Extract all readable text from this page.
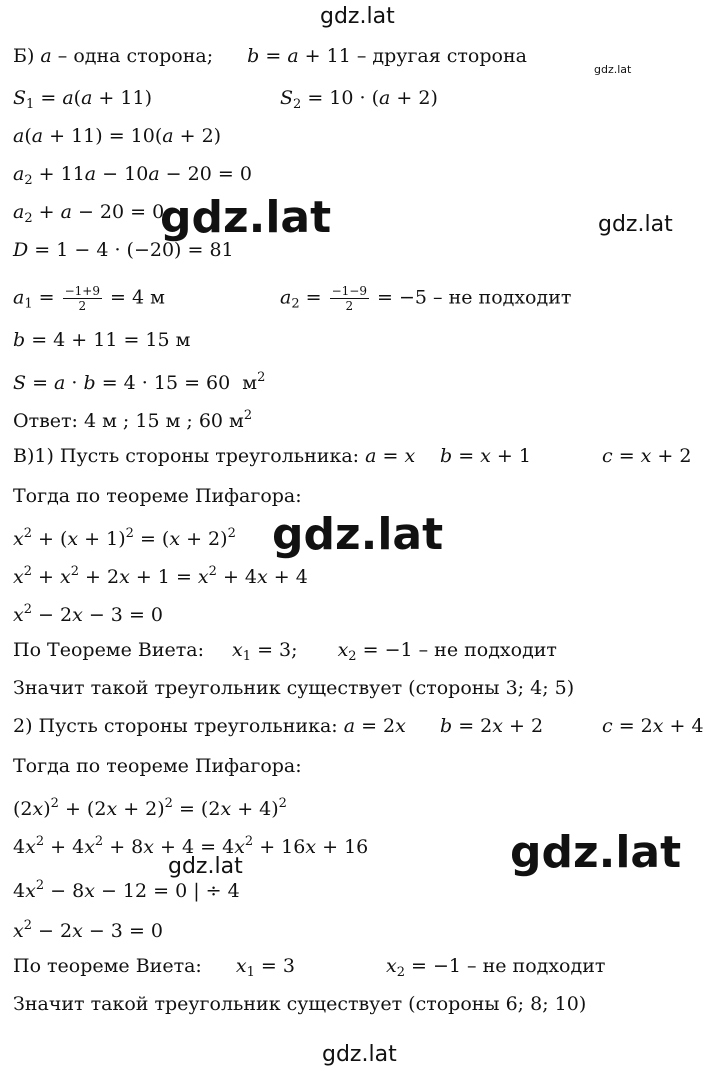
gdz.lat
gdz.lat
gdz.lat	gdz.lat
gdz.lat
gdz.lat
gdz.lat
gdz.lat
Б) a – одна сторона; b = a + 11 – другая сторона
$S_1 = a(a + 11)$	$S_2 = 10 \cdot (a + 2)$
a(a + 11) = 10(a + 2)
$a_2 + 11a - 10a - 20 = 0$
$a_2 + a - 20 = 0$
D = 1 − 4 · (−20) = 81
$a_1 = \frac{-1+9}{2} = 4$ м	$a_2 = \frac{-1-9}{2} = -5$ – не подходит
b = 4 + 11 = 15 м
S = a · b = 4 · 15 = 60  $м^2$
Ответ: 4 м ; 15 м ; 60 $м^2$
В)1) Пусть стороны треугольника: a = x b = x + 1	c = x + 2
Тогда по теореме Пифагора:
$x^2 + (x + 1)^2 = (x + 2)^2$
$x^2 + x^2 + 2x + 1 = x^2 + 4x + 4$
$x^2 - 2x - 3 = 0$
По Теореме Виета: $x_1 = 3$; $x_2 = -1$ – не подходит
Значит такой треугольник существует (стороны 3; 4; 5)
2) Пусть стороны треугольника: a = 2x b = 2x + 2	c = 2x + 4
Тогда по теореме Пифагора:
$(2x)^2 + (2x + 2)^2 = (2x + 4)^2$
$4x^2 + 4x^2 + 8x + 4 = 4x^2 + 16x + 16$
$4x^2 - 8x - 12 = 0$ | ÷ 4
$x^2 - 2x - 3 = 0$
По теореме Виета: $x_1 = 3$	$x_2 = -1$ – не подходит
Значит такой треугольник существует (стороны 6; 8; 10)
